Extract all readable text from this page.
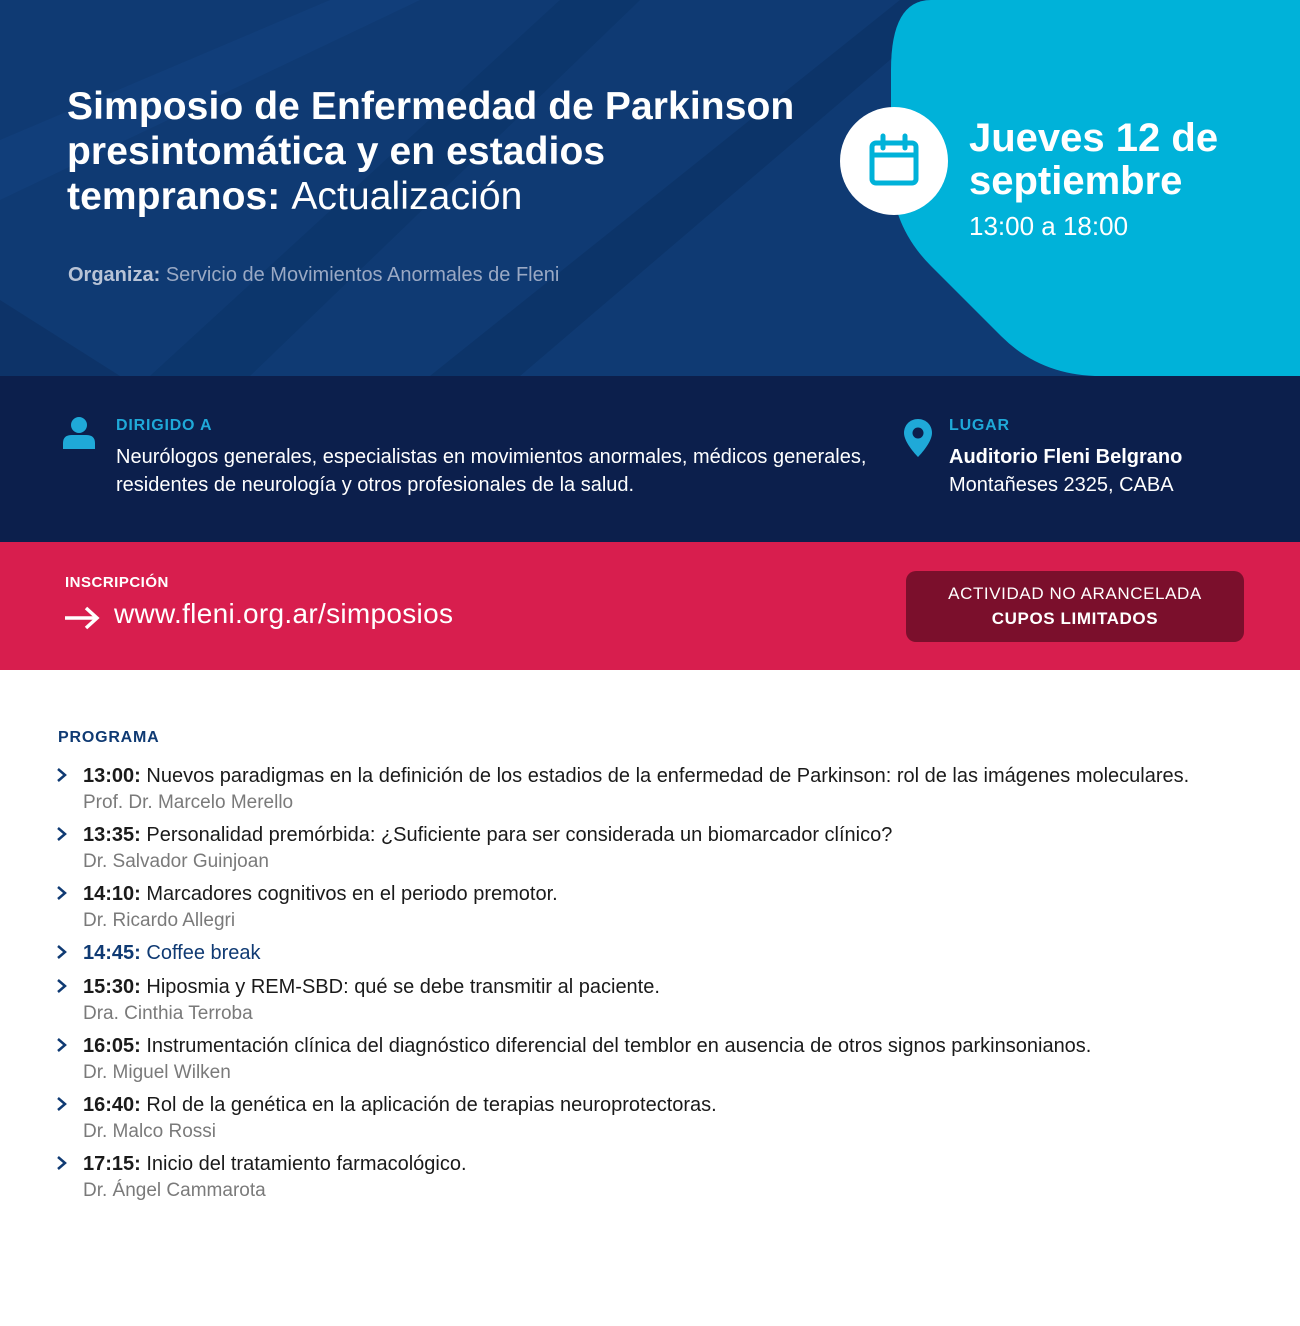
Simposio de Enfermedad de Parkinson presintomática y en estadios tempranos: Actualización
Organiza: Servicio de Movimientos Anormales de Fleni
Jueves 12 de septiembre
13:00 a 18:00
DIRIGIDO A
Neurólogos generales, especialistas en movimientos anormales, médicos generales, residentes de neurología y otros profesionales de la salud.
LUGAR
Auditorio Fleni Belgrano
Montañeses 2325, CABA
INSCRIPCIÓN
www.fleni.org.ar/simposios
ACTIVIDAD NO ARANCELADA
CUPOS LIMITADOS
PROGRAMA
13:00: Nuevos paradigmas en la definición de los estadios de la enfermedad de Parkinson: rol de las imágenes moleculares.
Prof. Dr. Marcelo Merello
13:35: Personalidad premórbida: ¿Suficiente para ser considerada un biomarcador clínico?
Dr. Salvador Guinjoan
14:10: Marcadores cognitivos en el periodo premotor.
Dr. Ricardo Allegri
14:45: Coffee break
15:30: Hiposmia y REM-SBD: qué se debe transmitir al paciente.
Dra. Cinthia Terroba
16:05: Instrumentación clínica del diagnóstico diferencial del temblor en ausencia de otros signos parkinsonianos.
Dr. Miguel Wilken
16:40: Rol de la genética en la aplicación de terapias neuroprotectoras.
Dr. Malco Rossi
17:15: Inicio del tratamiento farmacológico.
Dr. Ángel Cammarota
